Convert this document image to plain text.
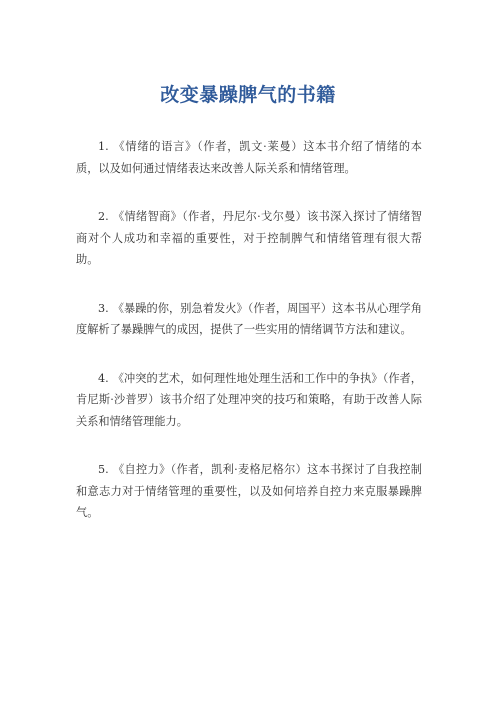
改变暴躁脾气的书籍

1. 《情绪的语言》（作者，凯文·莱曼）这本书介绍了情绪的本质，以及如何通过情绪表达来改善人际关系和情绪管理。

2. 《情绪智商》（作者，丹尼尔·戈尔曼）该书深入探讨了情绪智商对个人成功和幸福的重要性，对于控制脾气和情绪管理有很大帮助。

3. 《暴躁的你，别急着发火》（作者，周国平）这本书从心理学角度解析了暴躁脾气的成因，提供了一些实用的情绪调节方法和建议。

4. 《冲突的艺术，如何理性地处理生活和工作中的争执》（作者，肯尼斯·沙普罗）该书介绍了处理冲突的技巧和策略，有助于改善人际关系和情绪管理能力。

5. 《自控力》（作者，凯利·麦格尼格尔）这本书探讨了自我控制和意志力对于情绪管理的重要性，以及如何培养自控力来克服暴躁脾气。
